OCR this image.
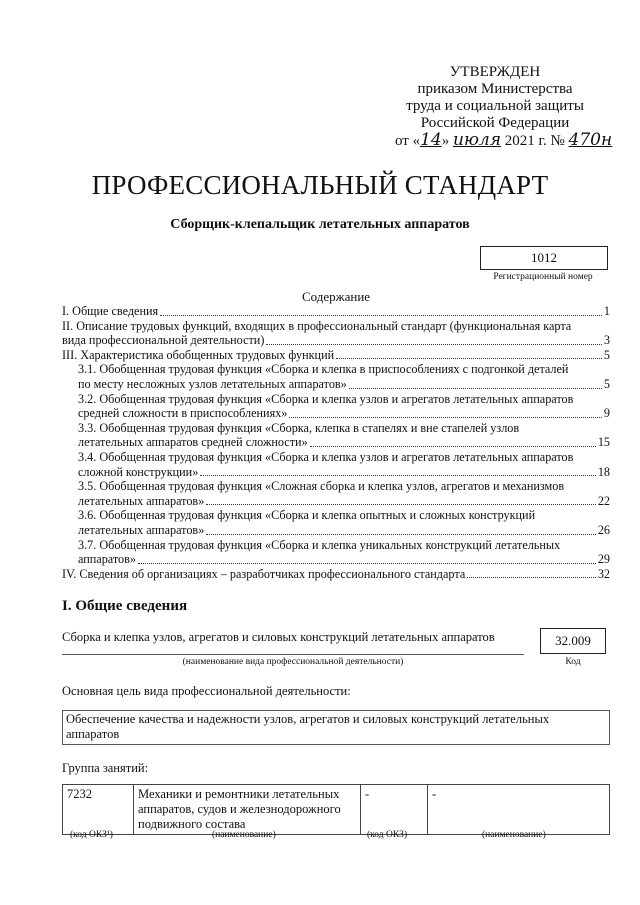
УТВЕРЖДЕН
приказом Министерства
труда и социальной защиты
Российской Федерации
от «14» июля 2021 г. № 470н
ПРОФЕССИОНАЛЬНЫЙ СТАНДАРТ
Сборщик-клепальщик летательных аппаратов
1012
Регистрационный номер
Содержание
I. Общие сведения	1
II. Описание трудовых функций, входящих в профессиональный стандарт (функциональная карта
вида профессиональной деятельности)	3
III. Характеристика обобщенных трудовых функций	5
3.1. Обобщенная трудовая функция «Сборка и клепка в приспособлениях с подгонкой деталей
по месту несложных узлов летательных аппаратов»	5
3.2. Обобщенная трудовая функция «Сборка и клепка узлов и агрегатов летательных аппаратов
средней сложности в приспособлениях»	9
3.3. Обобщенная трудовая функция «Сборка, клепка в стапелях и вне стапелей узлов
летательных аппаратов средней сложности»	15
3.4. Обобщенная трудовая функция «Сборка и клепка узлов и агрегатов летательных аппаратов
сложной конструкции»	18
3.5. Обобщенная трудовая функция «Сложная сборка и клепка узлов, агрегатов и механизмов
летательных аппаратов»	22
3.6. Обобщенная трудовая функция «Сборка и клепка опытных и сложных конструкций
летательных аппаратов»	26
3.7. Обобщенная трудовая функция «Сборка и клепка уникальных конструкций летательных
аппаратов»	29
IV. Сведения об организациях – разработчиках профессионального стандарта	32
I. Общие сведения
Сборка и клепка узлов, агрегатов и силовых конструкций летательных аппаратов
(наименование вида профессиональной деятельности)
32.009
Код
Основная цель вида профессиональной деятельности:
Обеспечение качества и надежности узлов, агрегатов и силовых конструкций летательных аппаратов
Группа занятий:
7232	Механики и ремонтники летательных аппаратов, судов и железнодорожного подвижного состава	-	-
(код ОКЗ¹)	(наименование)	(код ОКЗ)	(наименование)
